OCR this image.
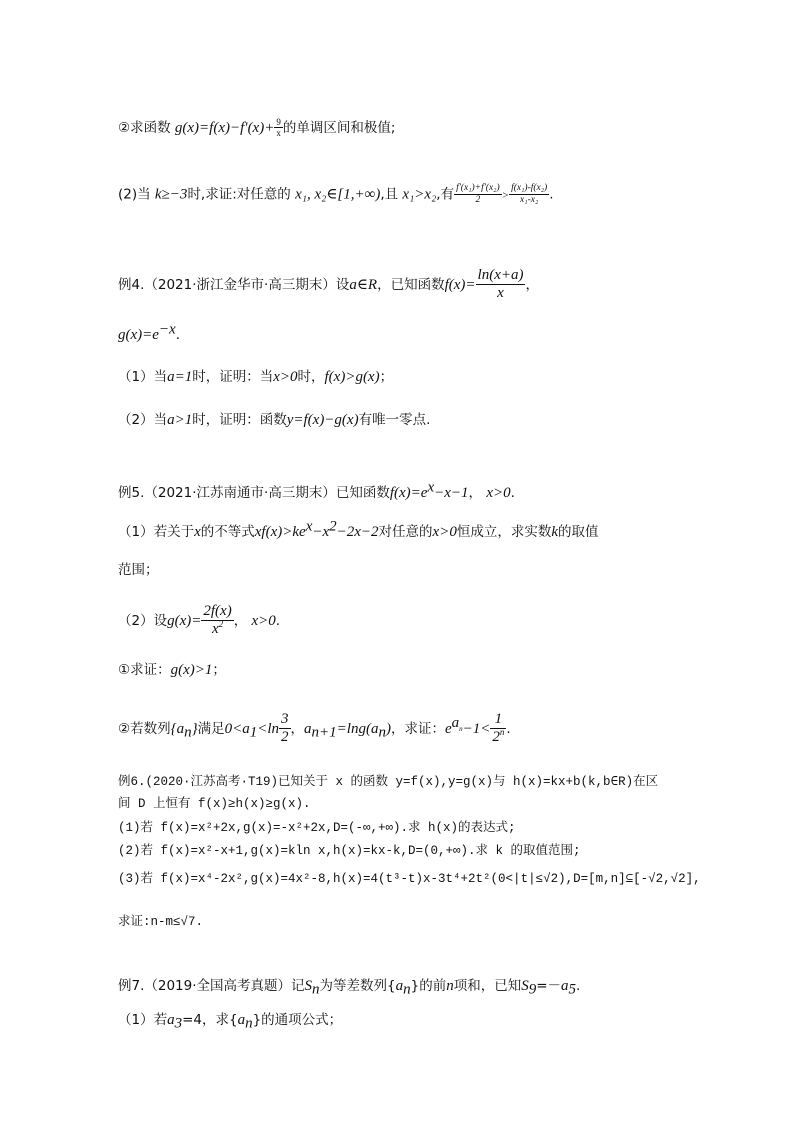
②求函数 $g(x)=f(x)-f'(x)+ \frac{9}{x}$ 的单调区间和极值;
(2)当 k≥−3时,求证:对任意的 x₁, x₂∈[1,+∞),且 x₁>x₂,有 $\frac{\text{f′(x₁)+f′(x₂)}}{2} > \frac{\text{f(x₁)-f(x₂)}}{\text{x₁-x₂}}$ .
例4.（2021·浙江金华市·高三期末）设a∈R，已知函数$f(x)= \frac{\ln(x+a)}{x}$ ，
$g(x)=e^{-x}$.
（1）当a=1时，证明：当x>0时，f(x)>g(x)；
（2）当a>1时，证明：函数y=f(x)−g(x)有唯一零点.
例5.（2021·江苏南通市·高三期末）已知函数$f(x)=e^x-x-1$， x>0.
（1）若关于x的不等式$xf(x)>ke^x-x^2-2x-2$对任意的x>0恒成立，求实数k的取值
范围；
（2）设$g(x)= \frac{2f(x)}{x^2}$ ， x>0.
①求证：g(x)>1；
②若数列$\{a_n\}$满足$0<a_1<\ln \frac{3}{2}$ ，$a_{n+1}=\ln g(a_n)$，求证：$e^{a_n}-1< \frac{1}{2^n}$ .
例6.(2020·江苏高考·T19)已知关于 x 的函数 y=f(x),y=g(x)与 h(x)=kx+b(k,b∈R)在区
间 D 上恒有 f(x)≥h(x)≥g(x).
(1)若 f(x)=x²+2x,g(x)=-x²+2x,D=(-∞,+∞).求 h(x)的表达式;
(2)若 f(x)=x²-x+1,g(x)=kln x,h(x)=kx-k,D=(0,+∞).求 k 的取值范围;
(3)若 f(x)=x⁴-2x²,g(x)=4x²-8,h(x)=4(t³-t)x-3t⁴+2t²(0<|t|≤√2),D=[m,n]⊆[-√2,√2],
求证:n-m≤√7.
例7.（2019·全国高考真题）记$S_n$为等差数列$\{a_n\}$的前n项和，已知$S_9=-a_5$.
（1）若$a_3=4$，求$\{a_n\}$的通项公式；
